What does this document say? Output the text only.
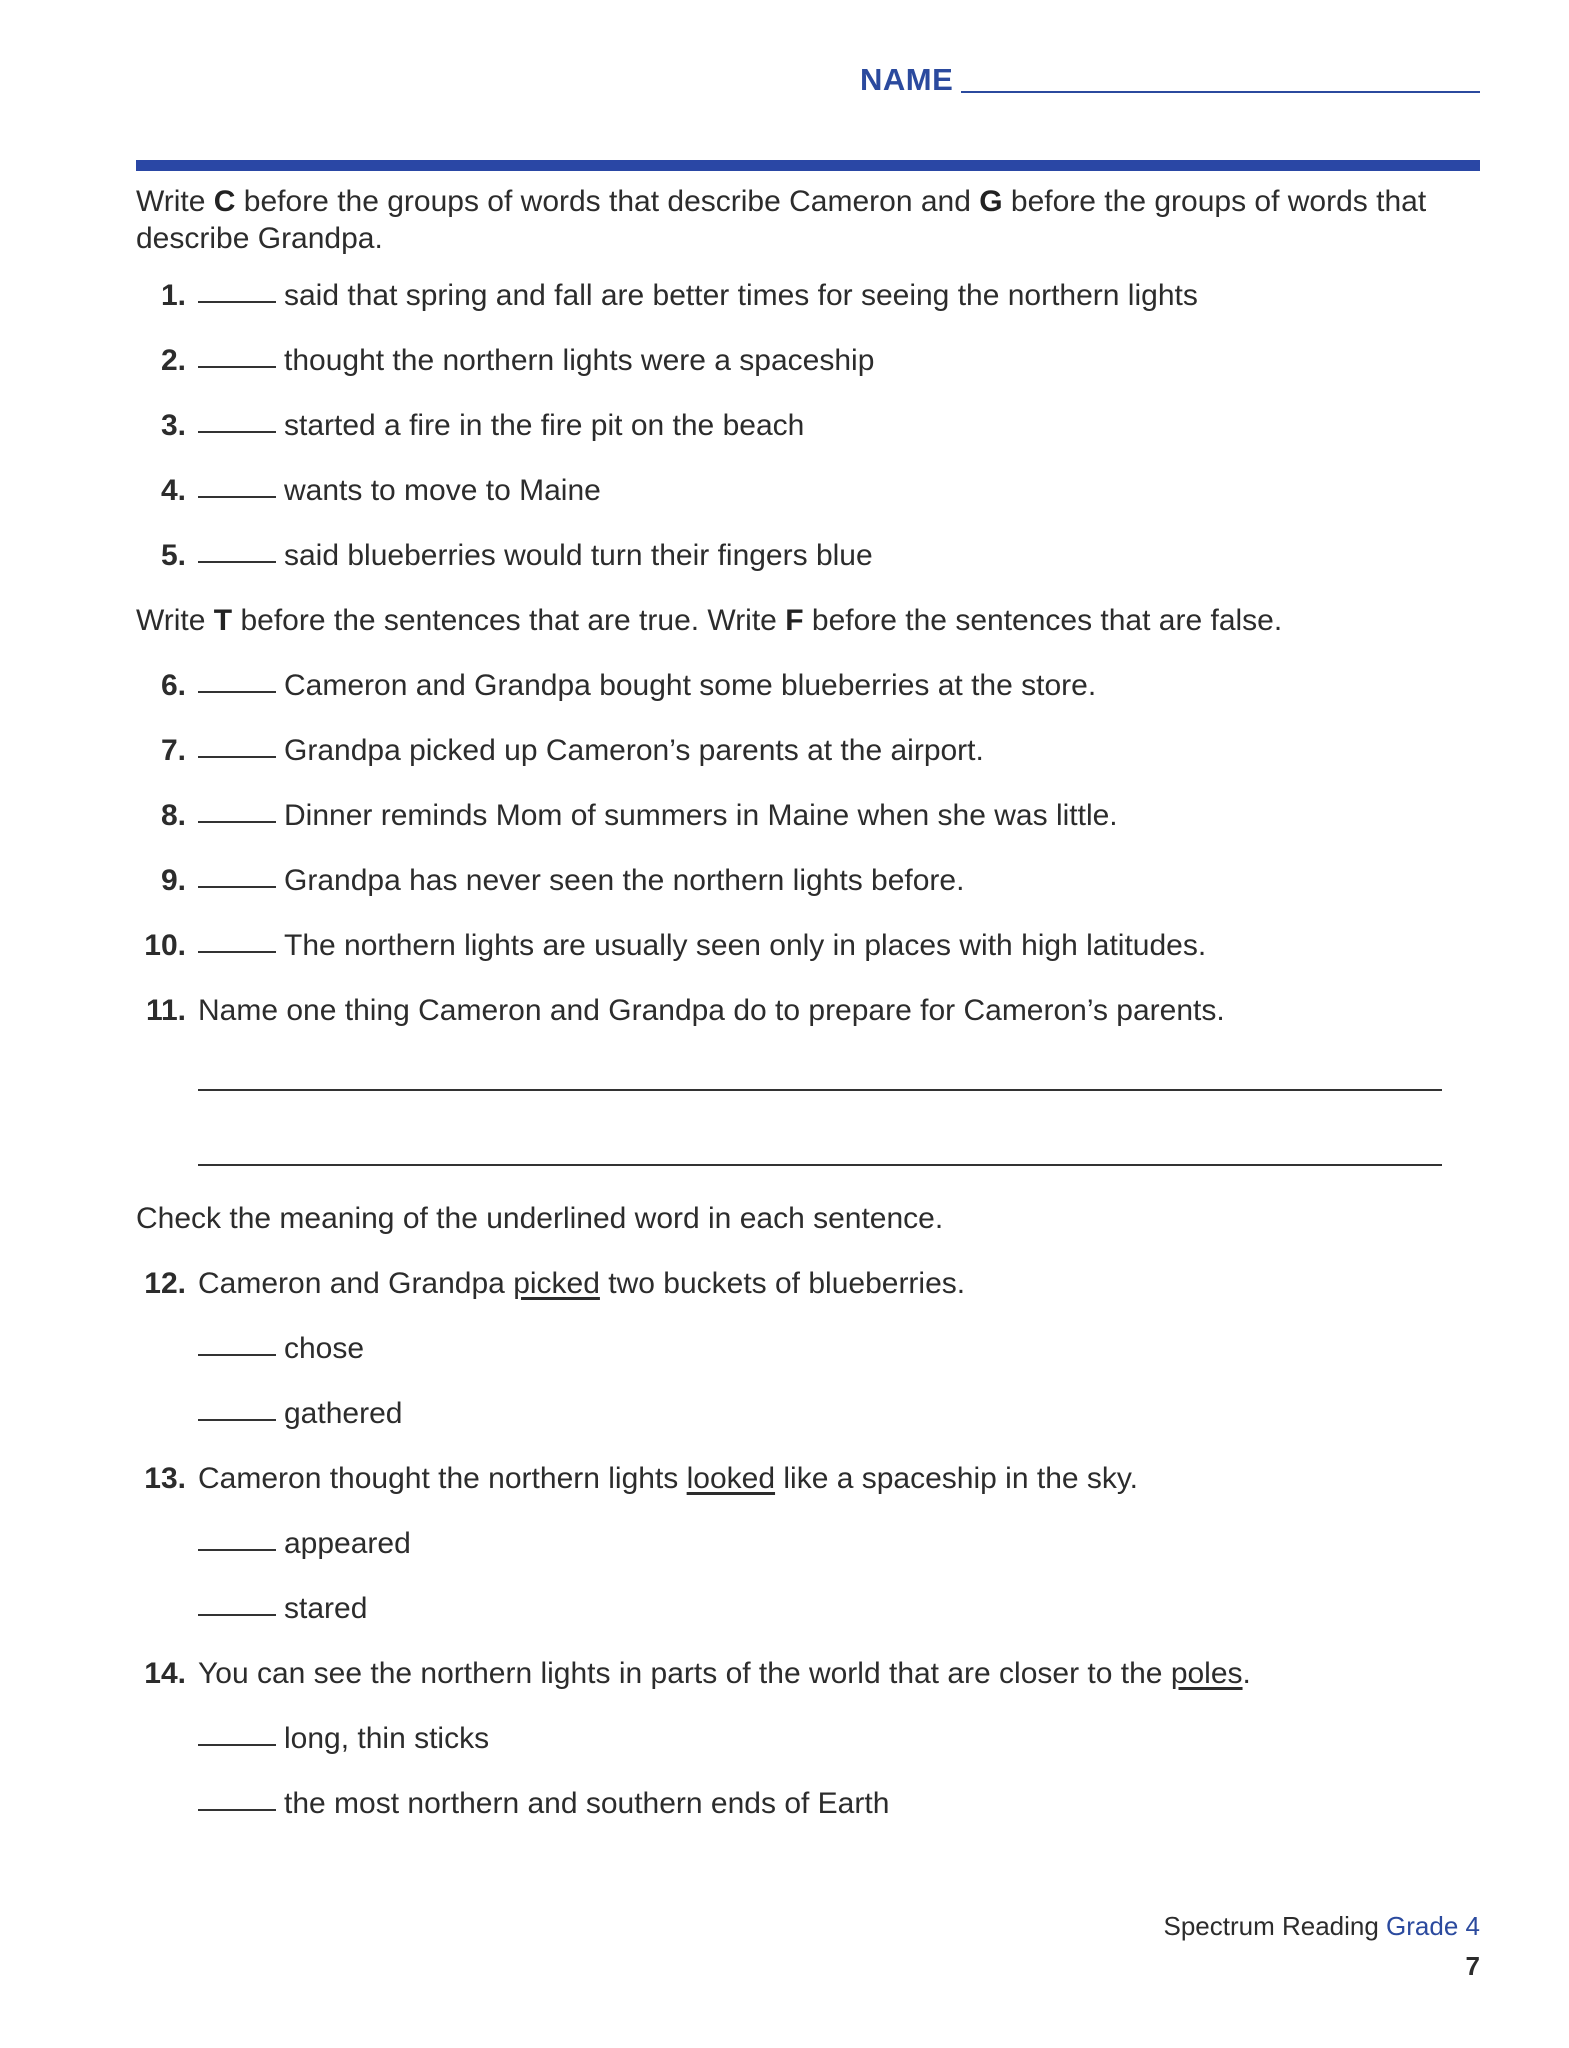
NAME

Write C before the groups of words that describe Cameron and G before the groups of words that describe Grandpa.

1.	said that spring and fall are better times for seeing the northern lights
2.	thought the northern lights were a spaceship
3.	started a fire in the fire pit on the beach
4.	wants to move to Maine
5.	said blueberries would turn their fingers blue

Write T before the sentences that are true. Write F before the sentences that are false.

6.	Cameron and Grandpa bought some blueberries at the store.
7.	Grandpa picked up Cameron’s parents at the airport.
8.	Dinner reminds Mom of summers in Maine when she was little.
9.	Grandpa has never seen the northern lights before.
10.	The northern lights are usually seen only in places with high latitudes.
11. Name one thing Cameron and Grandpa do to prepare for Cameron’s parents.

Check the meaning of the underlined word in each sentence.

12. Cameron and Grandpa picked two buckets of blueberries.
chose
gathered
13. Cameron thought the northern lights looked like a spaceship in the sky.
appeared
stared
14. You can see the northern lights in parts of the world that are closer to the poles.
long, thin sticks
the most northern and southern ends of Earth
Spectrum Reading Grade 4
7
